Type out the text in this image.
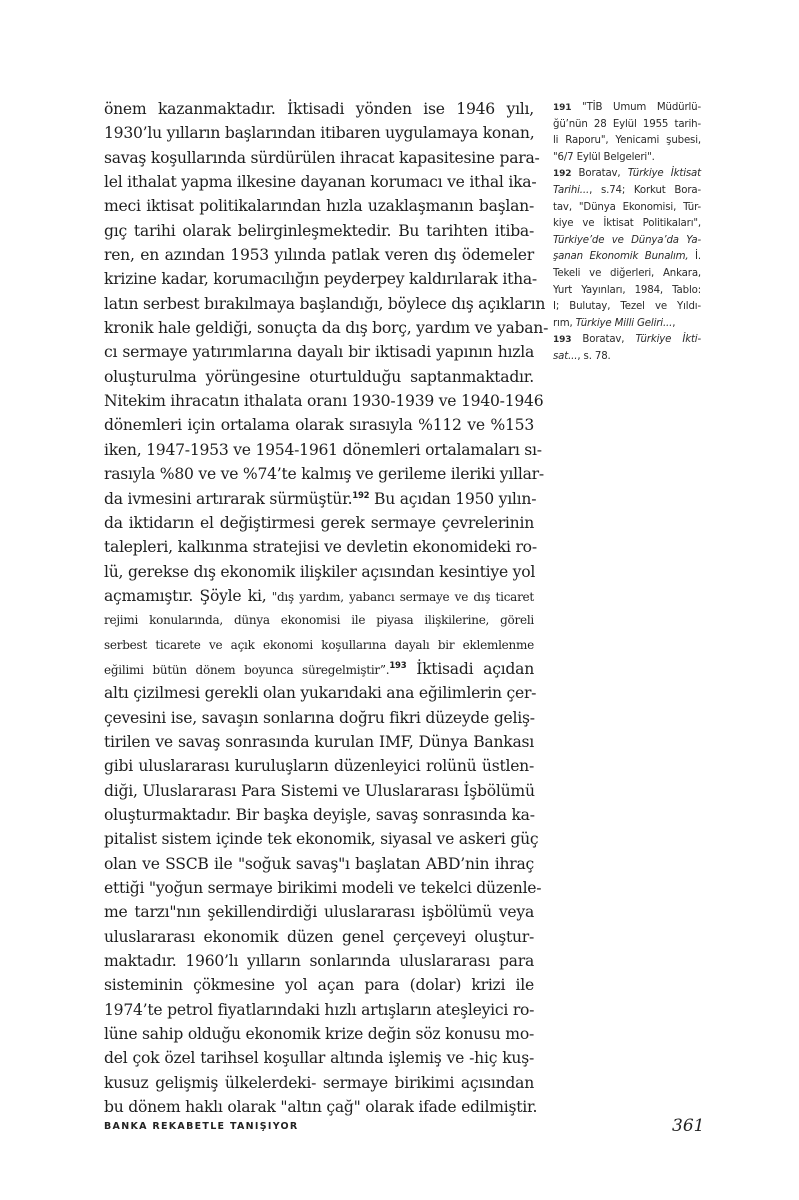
önem kazanmaktadır. İktisadi yönden ise 1946 yılı,
1930’lu yılların başlarından itibaren uygulamaya konan,
savaş koşullarında sürdürülen ihracat kapasitesine para-
lel ithalat yapma ilkesine dayanan korumacı ve ithal ika-
meci iktisat politikalarından hızla uzaklaşmanın başlan-
gıç tarihi olarak belirginleşmektedir. Bu tarihten itiba-
ren, en azından 1953 yılında patlak veren dış ödemeler
krizine kadar, korumacılığın peyderpey kaldırılarak itha-
latın serbest bırakılmaya başlandığı, böylece dış açıkların
kronik hale geldiği, sonuçta da dış borç, yardım ve yaban-
cı sermaye yatırımlarına dayalı bir iktisadi yapının hızla
oluşturulma yörüngesine oturtulduğu saptanmaktadır.
Nitekim ihracatın ithalata oranı 1930-1939 ve 1940-1946
dönemleri için ortalama olarak sırasıyla %112 ve %153
iken, 1947-1953 ve 1954-1961 dönemleri ortalamaları sı-
rasıyla %80 ve ve %74’te kalmış ve gerileme ileriki yıllar-
da ivmesini artırarak sürmüştür.$^{192}$ Bu açıdan 1950 yılın-
da iktidarın el değiştirmesi gerek sermaye çevrelerinin
talepleri, kalkınma stratejisi ve devletin ekonomideki ro-
lü, gerekse dış ekonomik ilişkiler açısından kesintiye yol
açmamıştır. Şöyle ki, "dış yardım, yabancı sermaye ve dış ticaret
rejimi konularında, dünya ekonomisi ile piyasa ilişkilerine, göreli
serbest ticarete ve açık ekonomi koşullarına dayalı bir eklemlenme
eğilimi bütün dönem boyunca süregelmiştir”.$^{193}$ İktisadi açıdan
altı çizilmesi gerekli olan yukarıdaki ana eğilimlerin çer-
çevesini ise, savaşın sonlarına doğru fikri düzeyde geliş-
tirilen ve savaş sonrasında kurulan IMF, Dünya Bankası
gibi uluslararası kuruluşların düzenleyici rolünü üstlen-
diği, Uluslararası Para Sistemi ve Uluslararası İşbölümü
oluşturmaktadır. Bir başka deyişle, savaş sonrasında ka-
pitalist sistem içinde tek ekonomik, siyasal ve askeri güç
olan ve SSCB ile "soğuk savaş"ı başlatan ABD’nin ihraç
ettiği "yoğun sermaye birikimi modeli ve tekelci düzenle-
me tarzı"nın şekillendirdiği uluslararası işbölümü veya
uluslararası ekonomik düzen genel çerçeveyi oluştur-
maktadır. 1960’lı yılların sonlarında uluslararası para
sisteminin çökmesine yol açan para (dolar) krizi ile
1974’te petrol fiyatlarındaki hızlı artışların ateşleyici ro-
lüne sahip olduğu ekonomik krize değin söz konusu mo-
del çok özel tarihsel koşullar altında işlemiş ve -hiç kuş-
kusuz gelişmiş ülkelerdeki- sermaye birikimi açısından
bu dönem haklı olarak "altın çağ" olarak ifade edilmiştir.
191 "TİB Umum Müdürlü-
ğü’nün 28 Eylül 1955 tarih-
li Raporu", Yenicami şubesi,
"6/7 Eylül Belgeleri".
192 Boratav, Türkiye İktisat
Tarihi..., s.74; Korkut Bora-
tav, "Dünya Ekonomisi, Tür-
kiye ve İktisat Politikaları",
Türkiye’de ve Dünya’da Ya-
şanan Ekonomik Bunalım, İ.
Tekeli ve diğerleri, Ankara,
Yurt Yayınları, 1984, Tablo:
I; Bulutay, Tezel ve Yıldı-
rım, Türkiye Milli Geliri...,
193 Boratav, Türkiye İkti-
sat..., s. 78.
BANKA REKABETLE TANIŞIYOR	361
